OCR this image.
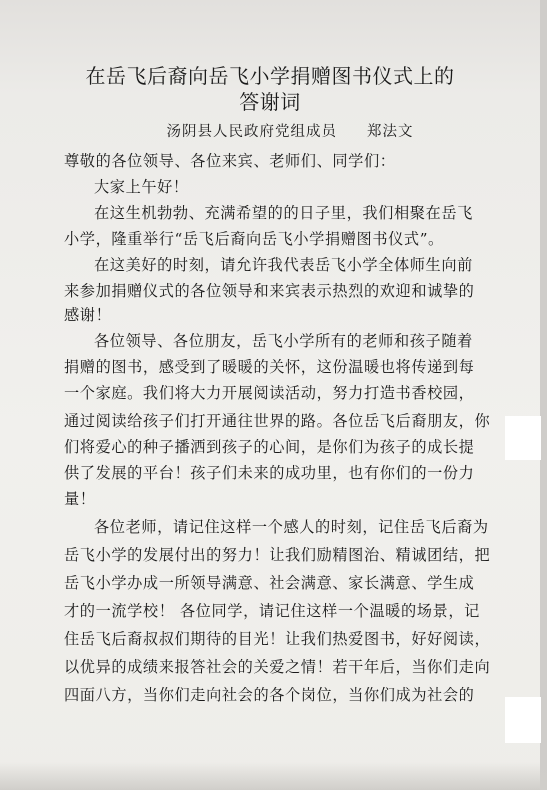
在岳飞后裔向岳飞小学捐赠图书仪式上的
答谢词
汤阴县人民政府党组成员 郑法文
尊敬的各位领导、各位来宾、老师们、同学们：
大家上午好！
在这生机勃勃、充满希望的的日子里，我们相聚在岳飞
小学，隆重举行“岳飞后裔向岳飞小学捐赠图书仪式”。
在这美好的时刻，请允许我代表岳飞小学全体师生向前
来参加捐赠仪式的各位领导和来宾表示热烈的欢迎和诚挚的
感谢！
各位领导、各位朋友，岳飞小学所有的老师和孩子随着
捐赠的图书，感受到了暖暖的关怀，这份温暖也将传递到每
一个家庭。我们将大力开展阅读活动，努力打造书香校园，
通过阅读给孩子们打开通往世界的路。各位岳飞后裔朋友，你
们将爱心的种子播洒到孩子的心间，是你们为孩子的成长提
供了发展的平台！孩子们未来的成功里，也有你们的一份力
量！
各位老师，请记住这样一个感人的时刻，记住岳飞后裔为
岳飞小学的发展付出的努力！让我们励精图治、精诚团结，把
岳飞小学办成一所领导满意、社会满意、家长满意、学生成
才的一流学校！ 各位同学，请记住这样一个温暖的场景，记
住岳飞后裔叔叔们期待的目光！让我们热爱图书，好好阅读，
以优异的成绩来报答社会的关爱之情！若干年后，当你们走向
四面八方，当你们走向社会的各个岗位，当你们成为社会的
